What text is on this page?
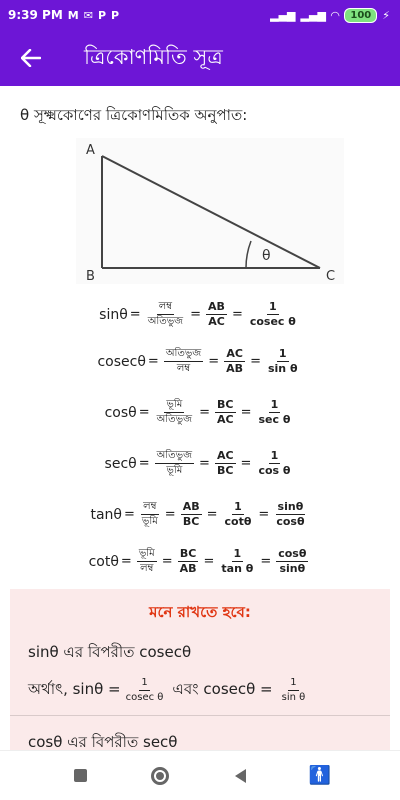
9:39 PM M ✉ P P	▂▄▆ ▂▄▆ ◠	100	⚡
ত্রিকোণমিতি সূত্র
θ সূক্ষ্মকোণের ত্রিকোণমিতিক অনুপাত:
A
B	C
θ
$\sin\theta = \frac{\text{লম্ব}}{\text{অতিভুজ}} = \frac{AB}{AC} = \frac{1}{\text{cosec θ}}$
$cosec\theta = \frac{\text{অতিভুজ}}{\text{লম্ব}} = \frac{AC}{AB} = \frac{1}{\text{sin θ}}$
$\cos\theta = \frac{\text{ভূমি}}{\text{অতিভুজ}} = \frac{BC}{AC} = \frac{1}{\text{sec θ}}$
$\sec\theta = \frac{\text{অতিভুজ}}{\text{ভূমি}} = \frac{AC}{BC} = \frac{1}{\text{cos θ}}$
$\tan\theta = \frac{\text{লম্ব}}{\text{ভূমি}} = \frac{AB}{BC} = \frac{1}{\cot\theta} = \frac{\sin\theta}{\cos\theta}$
$\cot\theta = \frac{\text{ভূমি}}{\text{লম্ব}} = \frac{BC}{AB} = \frac{1}{\text{tan θ}} = \frac{\cos\theta}{\sin\theta}$
মনে রাখতে হবে:
sinθ এর বিপরীত cosecθ
অর্থাৎ, $\sin\theta = \frac{1}{\text{cosec θ}}$ এবং $cosec\theta = \frac{1}{\text{sin θ}}$
cosθ এর বিপরীত secθ
🚹
